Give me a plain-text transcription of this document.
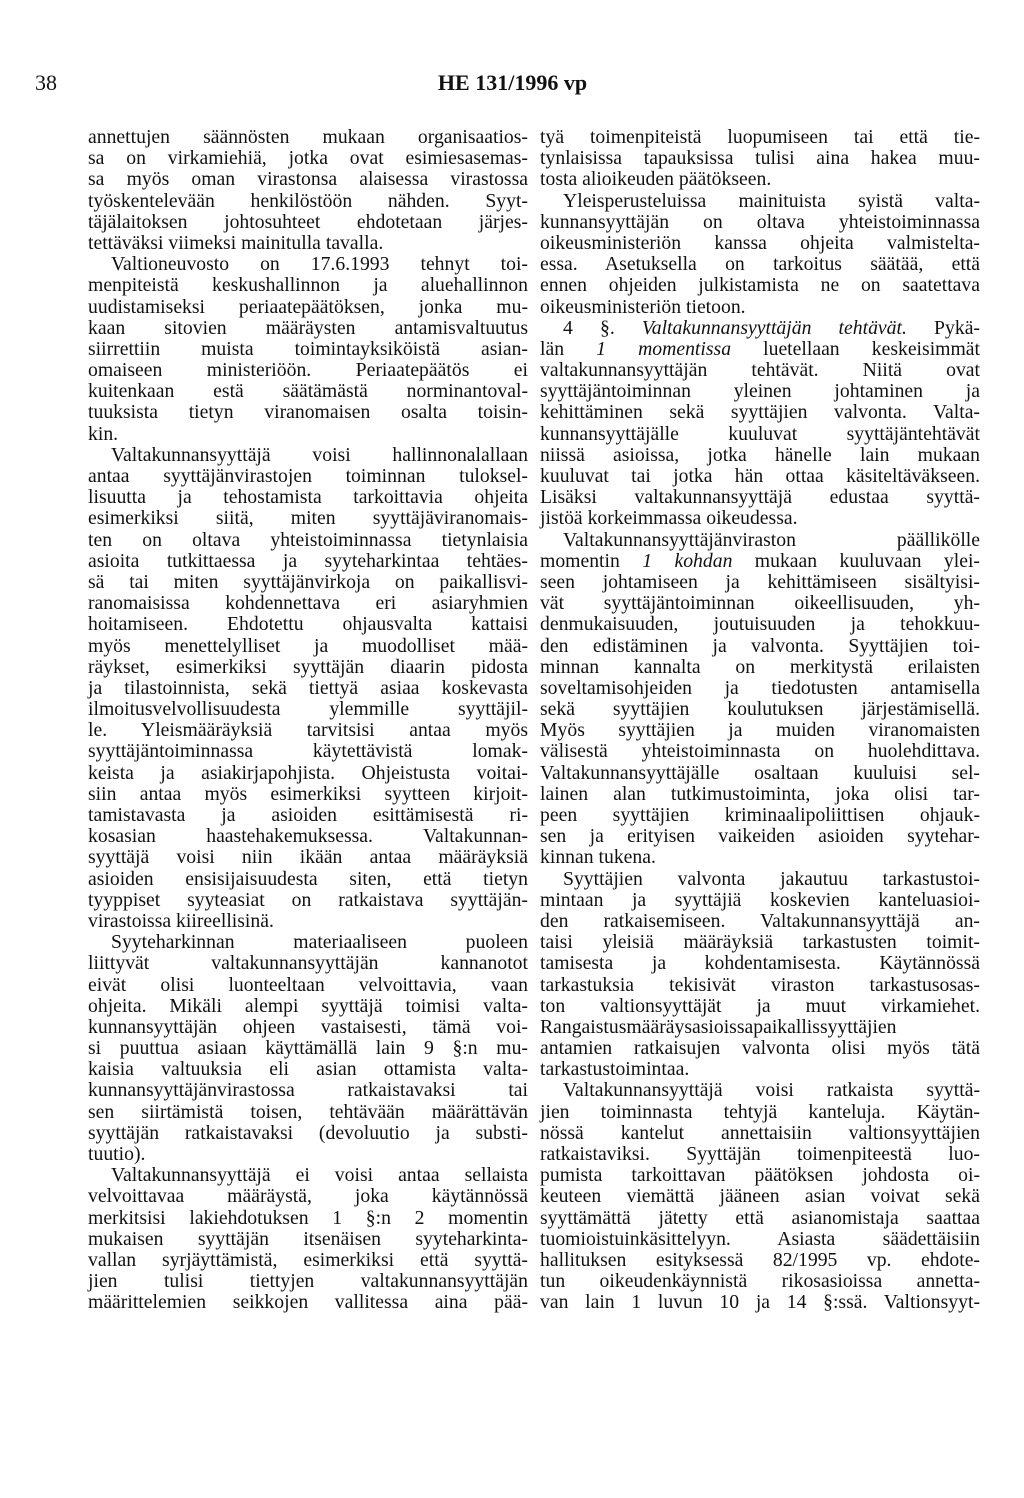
38	HE 131/1996 vp
annettujen säännösten mukaan organisaatios-
sa on virkamiehiä, jotka ovat esimiesasemas-
sa myös oman virastonsa alaisessa virastossa
työskentelevään henkilöstöön nähden. Syyt-
täjälaitoksen johtosuhteet ehdotetaan järjes-
tettäväksi viimeksi mainitulla tavalla.
Valtioneuvosto on 17.6.1993 tehnyt toi-
menpiteistä keskushallinnon ja aluehallinnon
uudistamiseksi periaatepäätöksen, jonka mu-
kaan sitovien määräysten antamisvaltuutus
siirrettiin muista toimintayksiköistä asian-
omaiseen ministeriöön. Periaatepäätös ei
kuitenkaan estä säätämästä norminantoval-
tuuksista tietyn viranomaisen osalta toisin-
kin.
Valtakunnansyyttäjä voisi hallinnonalallaan
antaa syyttäjänvirastojen toiminnan tuloksel-
lisuutta ja tehostamista tarkoittavia ohjeita
esimerkiksi siitä, miten syyttäjäviranomais-
ten on oltava yhteistoiminnassa tietynlaisia
asioita tutkittaessa ja syyteharkintaa tehtäes-
sä tai miten syyttäjänvirkoja on paikallisvi-
ranomaisissa kohdennettava eri asiaryhmien
hoitamiseen. Ehdotettu ohjausvalta kattaisi
myös menettelylliset ja muodolliset mää-
räykset, esimerkiksi syyttäjän diaarin pidosta
ja tilastoinnista, sekä tiettyä asiaa koskevasta
ilmoitusvelvollisuudesta ylemmille syyttäjil-
le. Yleismääräyksiä tarvitsisi antaa myös
syyttäjäntoiminnassa käytettävistä lomak-
keista ja asiakirjapohjista. Ohjeistusta voitai-
siin antaa myös esimerkiksi syytteen kirjoit-
tamistavasta ja asioiden esittämisestä ri-
kosasian haastehakemuksessa. Valtakunnan-
syyttäjä voisi niin ikään antaa määräyksiä
asioiden ensisijaisuudesta siten, että tietyn
tyyppiset syyteasiat on ratkaistava syyttäjän-
virastoissa kiireellisinä.
Syyteharkinnan materiaaliseen puoleen
liittyvät valtakunnansyyttäjän kannanotot
eivät olisi luonteeltaan velvoittavia, vaan
ohjeita. Mikäli alempi syyttäjä toimisi valta-
kunnansyyttäjän ohjeen vastaisesti, tämä voi-
si puuttua asiaan käyttämällä lain 9 §:n mu-
kaisia valtuuksia eli asian ottamista valta-
kunnansyyttäjänvirastossa ratkaistavaksi tai
sen siirtämistä toisen, tehtävään määrättävän
syyttäjän ratkaistavaksi (devoluutio ja substi-
tuutio).
Valtakunnansyyttäjä ei voisi antaa sellaista
velvoittavaa määräystä, joka käytännössä
merkitsisi lakiehdotuksen 1 §:n 2 momentin
mukaisen syyttäjän itsenäisen syyteharkinta-
vallan syrjäyttämistä, esimerkiksi että syyttä-
jien tulisi tiettyjen valtakunnansyyttäjän
määrittelemien seikkojen vallitessa aina pää-
tyä toimenpiteistä luopumiseen tai että tie-
tynlaisissa tapauksissa tulisi aina hakea muu-
tosta alioikeuden päätökseen.
Yleisperusteluissa mainituista syistä valta-
kunnansyyttäjän on oltava yhteistoiminnassa
oikeusministeriön kanssa ohjeita valmistelta-
essa. Asetuksella on tarkoitus säätää, että
ennen ohjeiden julkistamista ne on saatettava
oikeusministeriön tietoon.
4 §. Valtakunnansyyttäjän tehtävät. Pykä-
län 1 momentissa luetellaan keskeisimmät
valtakunnansyyttäjän tehtävät. Niitä ovat
syyttäjäntoiminnan yleinen johtaminen ja
kehittäminen sekä syyttäjien valvonta. Valta-
kunnansyyttäjälle kuuluvat syyttäjäntehtävät
niissä asioissa, jotka hänelle lain mukaan
kuuluvat tai jotka hän ottaa käsiteltäväkseen.
Lisäksi valtakunnansyyttäjä edustaa syyttä-
jistöä korkeimmassa oikeudessa.
Valtakunnansyyttäjänviraston päällikölle
momentin 1 kohdan mukaan kuuluvaan ylei-
seen johtamiseen ja kehittämiseen sisältyisi-
vät syyttäjäntoiminnan oikeellisuuden, yh-
denmukaisuuden, joutuisuuden ja tehokkuu-
den edistäminen ja valvonta. Syyttäjien toi-
minnan kannalta on merkitystä erilaisten
soveltamisohjeiden ja tiedotusten antamisella
sekä syyttäjien koulutuksen järjestämisellä.
Myös syyttäjien ja muiden viranomaisten
välisestä yhteistoiminnasta on huolehdittava.
Valtakunnansyyttäjälle osaltaan kuuluisi sel-
lainen alan tutkimustoiminta, joka olisi tar-
peen syyttäjien kriminaalipoliittisen ohjauk-
sen ja erityisen vaikeiden asioiden syytehar-
kinnan tukena.
Syyttäjien valvonta jakautuu tarkastustoi-
mintaan ja syyttäjiä koskevien kanteluasioi-
den ratkaisemiseen. Valtakunnansyyttäjä an-
taisi yleisiä määräyksiä tarkastusten toimit-
tamisesta ja kohdentamisesta. Käytännössä
tarkastuksia tekisivät viraston tarkastusosas-
ton valtionsyyttäjät ja muut virkamiehet.
Rangaistusmääräysasioissapaikallissyyttäjien
antamien ratkaisujen valvonta olisi myös tätä
tarkastustoimintaa.
Valtakunnansyyttäjä voisi ratkaista syyttä-
jien toiminnasta tehtyjä kanteluja. Käytän-
nössä kantelut annettaisiin valtionsyyttäjien
ratkaistaviksi. Syyttäjän toimenpiteestä luo-
pumista tarkoittavan päätöksen johdosta oi-
keuteen viemättä jääneen asian voivat sekä
syyttämättä jätetty että asianomistaja saattaa
tuomioistuinkäsittelyyn. Asiasta säädettäisiin
hallituksen esityksessä 82/1995 vp. ehdote-
tun oikeudenkäynnistä rikosasioissa annetta-
van lain 1 luvun 10 ja 14 §:ssä. Valtionsyyt-
